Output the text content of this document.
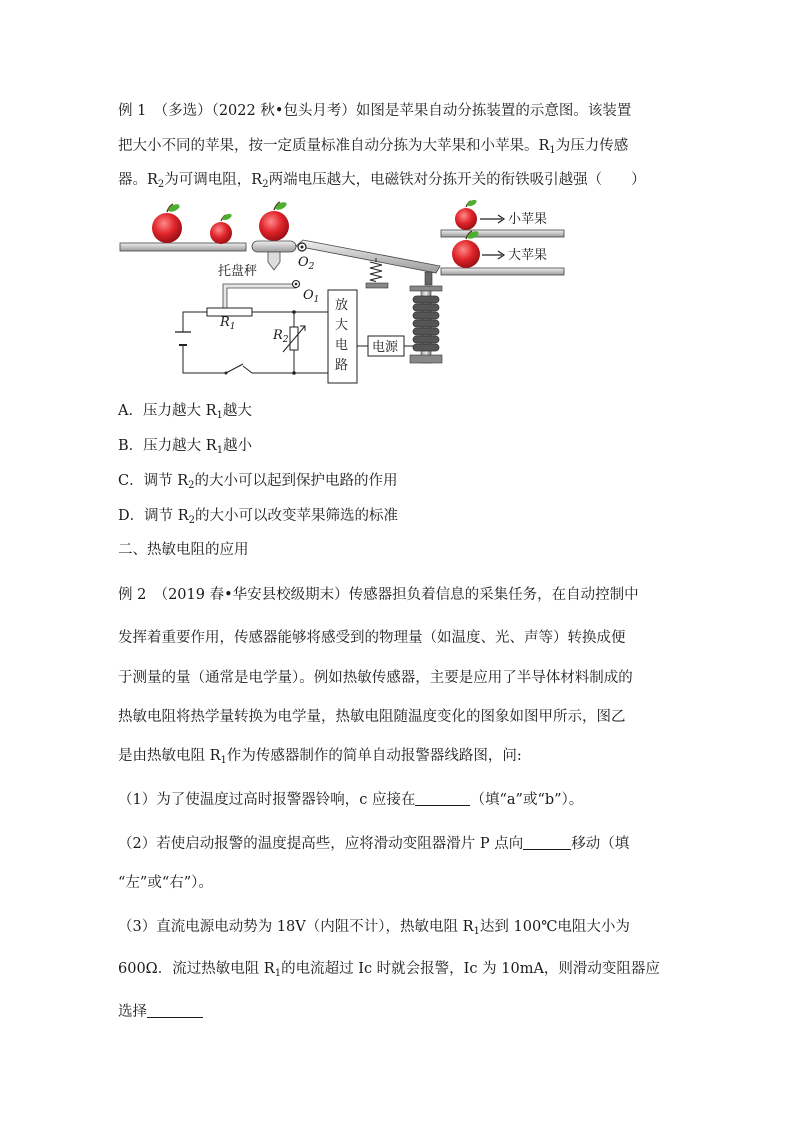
例 1　（多选）（2022 秋•包头月考）如图是苹果自动分拣装置的示意图。该装置
把大小不同的苹果，按一定质量标准自动分拣为大苹果和小苹果。$R_1$为压力传感
器。$R_2$为可调电阻，$R_2$两端电压越大，电磁铁对分拣开关的衔铁吸引越强（　　）
托盘秤
$O_2$
小苹果
大苹果
$O_1$
$R_1$
$R_2$
放
大
电
路
电源
A．压力越大 $R_1$越大
B．压力越大 $R_1$越小
C．调节 $R_2$的大小可以起到保护电路的作用
D．调节 $R_2$的大小可以改变苹果筛选的标准
二、热敏电阻的应用
例 2　（2019 春•华安县校级期末）传感器担负着信息的采集任务，在自动控制中
发挥着重要作用，传感器能够将感受到的物理量（如温度、光、声等）转换成便
于测量的量（通常是电学量）。例如热敏传感器，主要是应用了半导体材料制成的
热敏电阻将热学量转换为电学量，热敏电阻随温度变化的图象如图甲所示，图乙
是由热敏电阻 $R_1$作为传感器制作的简单自动报警器线路图，问:
（1）为了使温度过高时报警器铃响，c 应接在	（填“a”或“b”）。
（2）若使启动报警的温度提高些，应将滑动变阻器滑片 P 点向	移动（填
“左”或“右”）。
（3）直流电源电动势为 18V（内阻不计），热敏电阻 $R_1$达到 100℃电阻大小为
600Ω．流过热敏电阻 $R_1$的电流超过 Ic 时就会报警，Ic 为 10mA，则滑动变阻器应
选择
